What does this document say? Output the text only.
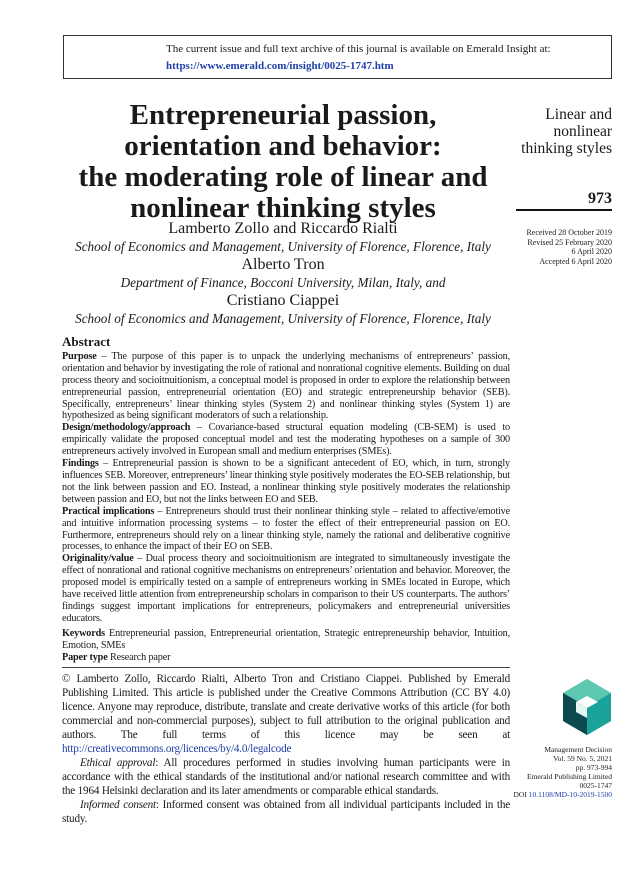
The current issue and full text archive of this journal is available on Emerald Insight at:
https://www.emerald.com/insight/0025-1747.htm
Entrepreneurial passion,
orientation and behavior:
the moderating role of linear and
nonlinear thinking styles
Lamberto Zollo and Riccardo Rialti
School of Economics and Management, University of Florence, Florence, Italy
Alberto Tron
Department of Finance, Bocconi University, Milan, Italy, and
Cristiano Ciappei
School of Economics and Management, University of Florence, Florence, Italy
Linear and
nonlinear
thinking styles
973
Received 28 October 2019
Revised 25 February 2020
6 April 2020
Accepted 6 April 2020
Abstract

Purpose – The purpose of this paper is to unpack the underlying mechanisms of entrepreneurs’ passion, orientation and behavior by investigating the role of rational and nonrational cognitive elements. Building on dual process theory and socioitnuitionism, a conceptual model is proposed in order to explore the relationship between entrepreneurial passion, entrepreneurial orientation (EO) and strategic entrepreneurship behavior (SEB). Specifically, entrepreneurs’ linear thinking styles (System 2) and nonlinear thinking styles (System 1) are hypothesized as being significant moderators of such a relationship.

Design/methodology/approach – Covariance-based structural equation modeling (CB-SEM) is used to empirically validate the proposed conceptual model and test the moderating hypotheses on a sample of 300 entrepreneurs actively involved in European small and medium enterprises (SMEs).

Findings – Entrepreneurial passion is shown to be a significant antecedent of EO, which, in turn, strongly influences SEB. Moreover, entrepreneurs’ linear thinking style positively moderates the EO-SEB relationship, but not the link between passion and EO. Instead, a nonlinear thinking style positively moderates the relationship between passion and EO, but not the links between EO and SEB.

Practical implications – Entrepreneurs should trust their nonlinear thinking style – related to affective/emotive and intuitive information processing systems – to foster the effect of their entrepreneurial passion on EO. Furthermore, entrepreneurs should rely on a linear thinking style, namely the rational and deliberative cognitive processes, to enhance the impact of their EO on SEB.

Originality/value – Dual process theory and socioitnuitionism are integrated to simultaneously investigate the effect of nonrational and rational cognitive mechanisms on entrepreneurs’ orientation and behavior. Moreover, the proposed model is empirically tested on a sample of entrepreneurs working in SMEs located in Europe, which have received little attention from entrepreneurship scholars in comparison to their US counterparts. The authors’ findings suggest important implications for entrepreneurs, policymakers and entrepreneurial universities educators.

Keywords Entrepreneurial passion, Entrepreneurial orientation, Strategic entrepreneurship behavior, Intuition, Emotion, SMEs

Paper type Research paper

© Lamberto Zollo, Riccardo Rialti, Alberto Tron and Cristiano Ciappei. Published by Emerald Publishing Limited. This article is published under the Creative Commons Attribution (CC BY 4.0) licence. Anyone may reproduce, distribute, translate and create derivative works of this article (for both commercial and non-commercial purposes), subject to full attribution to the original publication and authors. The full terms of this licence may be seen at http://creativecommons.org/licences/by/4.0/legalcode

Ethical approval: All procedures performed in studies involving human participants were in accordance with the ethical standards of the institutional and/or national research committee and with the 1964 Helsinki declaration and its later amendments or comparable ethical standards.

Informed consent: Informed consent was obtained from all individual participants included in the study.

Management Decision
Vol. 59 No. 5, 2021
pp. 973-994
Emerald Publishing Limited
0025-1747
DOI 10.1108/MD-10-2019-1500
